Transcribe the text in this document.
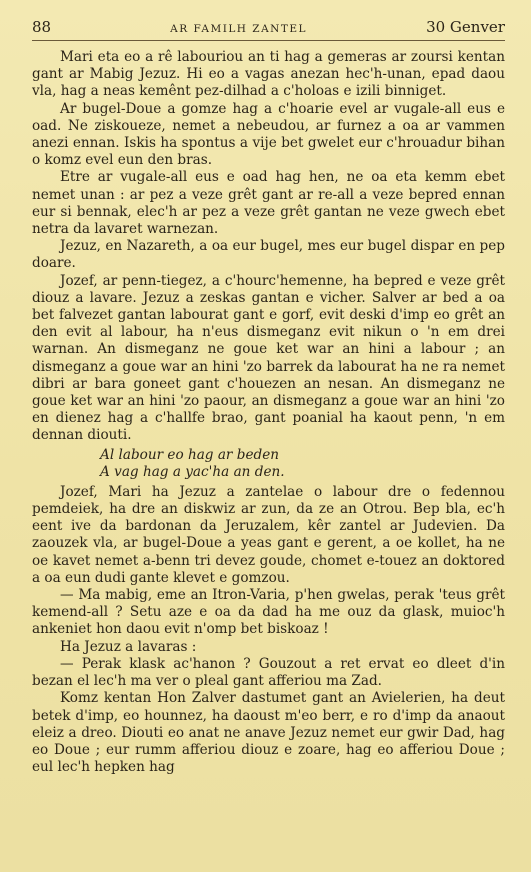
88	AR FAMILH ZANTEL	30 Genver

Mari eta eo a rê labouriou an ti hag a gemeras ar zoursi kentan gant ar Mabig Jezuz. Hi eo a vagas anezan hec'h-unan, epad daou vla, hag a neas kemênt pez-dilhad a c'holoas e izili binniget.

Ar bugel-Doue a gomze hag a c'hoarie evel ar vugale-all eus e oad. Ne ziskoueze, nemet a nebeudou, ar furnez a oa ar vammen anezi ennan. Iskis ha spontus a vije bet gwelet eur c'hrouadur bihan o komz evel eun den bras.

Etre ar vugale-all eus e oad hag hen, ne oa eta kemm ebet nemet unan : ar pez a veze grêt gant ar re-all a veze bepred ennan eur si bennak, elec'h ar pez a veze grêt gantan ne veze gwech ebet netra da lavaret warnezan.

Jezuz, en Nazareth, a oa eur bugel, mes eur bugel dispar en pep doare.

Jozef, ar penn-tiegez, a c'hourc'hemenne, ha bepred e veze grêt diouz a lavare. Jezuz a zeskas gantan e vicher. Salver ar bed a oa bet falvezet gantan labourat gant e gorf, evit deski d'imp eo grêt an den evit al labour, ha n'eus dismeganz evit nikun o 'n em drei warnan. An dismeganz ne goue ket war an hini a labour ; an dismeganz a goue war an hini 'zo barrek da labourat ha ne ra nemet dibri ar bara goneet gant c'houezen an nesan. An dismeganz ne goue ket war an hini 'zo paour, an dismeganz a goue war an hini 'zo en dienez hag a c'hallfe brao, gant poanial ha kaout penn, 'n em dennan diouti.

Al labour eo hag ar beden
A vag hag a yac'ha an den.

Jozef, Mari ha Jezuz a zantelae o labour dre o fedennou pemdeiek, ha dre an diskwiz ar zun, da ze an Otrou. Bep bla, ec'h eent ive da bardonan da Jeruzalem, kêr zantel ar Judevien. Da zaouzek vla, ar bugel-Doue a yeas gant e gerent, a oe kollet, ha ne oe kavet nemet a-benn tri devez goude, chomet e-touez an doktored a oa eun dudi gante klevet e gomzou.

— Ma mabig, eme an Itron-Varia, p'hen gwelas, perak 'teus grêt kemend-all ? Setu aze e oa da dad ha me ouz da glask, muioc'h ankeniet hon daou evit n'omp bet biskoaz !

Ha Jezuz a lavaras :

— Perak klask ac'hanon ? Gouzout a ret ervat eo dleet d'in bezan el lec'h ma ver o pleal gant afferiou ma Zad.

Komz kentan Hon Zalver dastumet gant an Avielerien, ha deut betek d'imp, eo hounnez, ha daoust m'eo berr, e ro d'imp da anaout eleiz a dreo. Diouti eo anat ne anave Jezuz nemet eur gwir Dad, hag eo Doue ; eur rumm afferiou diouz e zoare, hag eo afferiou Doue ; eul lec'h hepken hag
